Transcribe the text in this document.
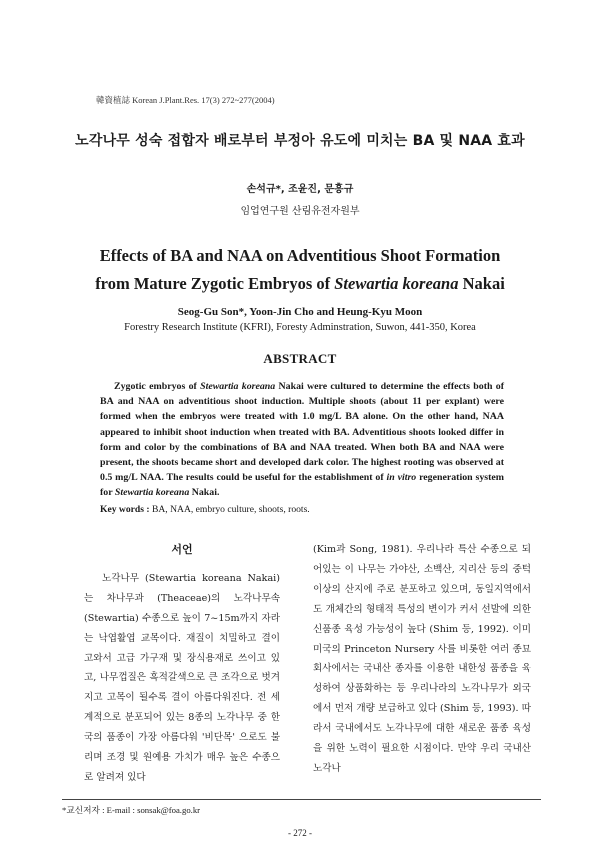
韓資植誌 Korean J.Plant.Res. 17(3) 272~277(2004)
노각나무 성숙 접합자 배로부터 부정아 유도에 미치는 BA 및 NAA 효과
손석규*, 조윤진, 문흥규
임업연구원 산림유전자원부
Effects of BA and NAA on Adventitious Shoot Formation
from Mature Zygotic Embryos of Stewartia koreana Nakai
Seog-Gu Son*, Yoon-Jin Cho and Heung-Kyu Moon
Forestry Research Institute (KFRI), Foresty Adminstration, Suwon, 441-350, Korea
ABSTRACT

Zygotic embryos of Stewartia koreana Nakai were cultured to determine the effects both of BA and NAA on adventitious shoot induction. Multiple shoots (about 11 per explant) were formed when the embryos were treated with 1.0 mg/L BA alone. On the other hand, NAA appeared to inhibit shoot induction when treated with BA. Adventitious shoots looked differ in form and color by the combinations of BA and NAA treated. When both BA and NAA were present, the shoots became short and developed dark color. The highest rooting was observed at 0.5 mg/L NAA. The results could be useful for the establishment of in vitro regeneration system for Stewartia koreana Nakai.

Key words : BA, NAA, embryo culture, shoots, roots.
서언

노각나무 (Stewartia koreana Nakai)는 차나무과 (Theaceae)의 노각나무속 (Stewartia) 수종으로 높이 7~15m까지 자라는 낙엽활엽 교목이다. 재질이 치밀하고 결이 고와서 고급 가구재 및 장식용재로 쓰이고 있고, 나무껍질은 흑적갈색으로 큰 조각으로 벗겨지고 고목이 될수록 결이 아름다워진다. 전 세계적으로 분포되어 있는 8종의 노각나무 중 한국의 품종이 가장 아름다워 '비단목' 으로도 불리며 조경 및 원예용 가치가 매우 높은 수종으로 알려져 있다

(Kim과 Song, 1981). 우리나라 특산 수종으로 되어있는 이 나무는 가야산, 소백산, 지리산 등의 중턱 이상의 산지에 주로 분포하고 있으며, 동일지역에서도 개체간의 형태적 특성의 변이가 커서 선발에 의한 신품종 육성 가능성이 높다 (Shim 등, 1992). 이미 미국의 Princeton Nursery 사를 비롯한 여러 종묘회사에서는 국내산 종자를 이용한 내한성 품종을 육성하여 상품화하는 등 우리나라의 노각나무가 외국에서 먼저 개량 보급하고 있다 (Shim 등, 1993). 따라서 국내에서도 노각나무에 대한 새로운 품종 육성을 위한 노력이 필요한 시점이다. 만약 우리 국내산 노각나

*교신저자 : E-mail : sonsak@foa.go.kr
- 272 -
